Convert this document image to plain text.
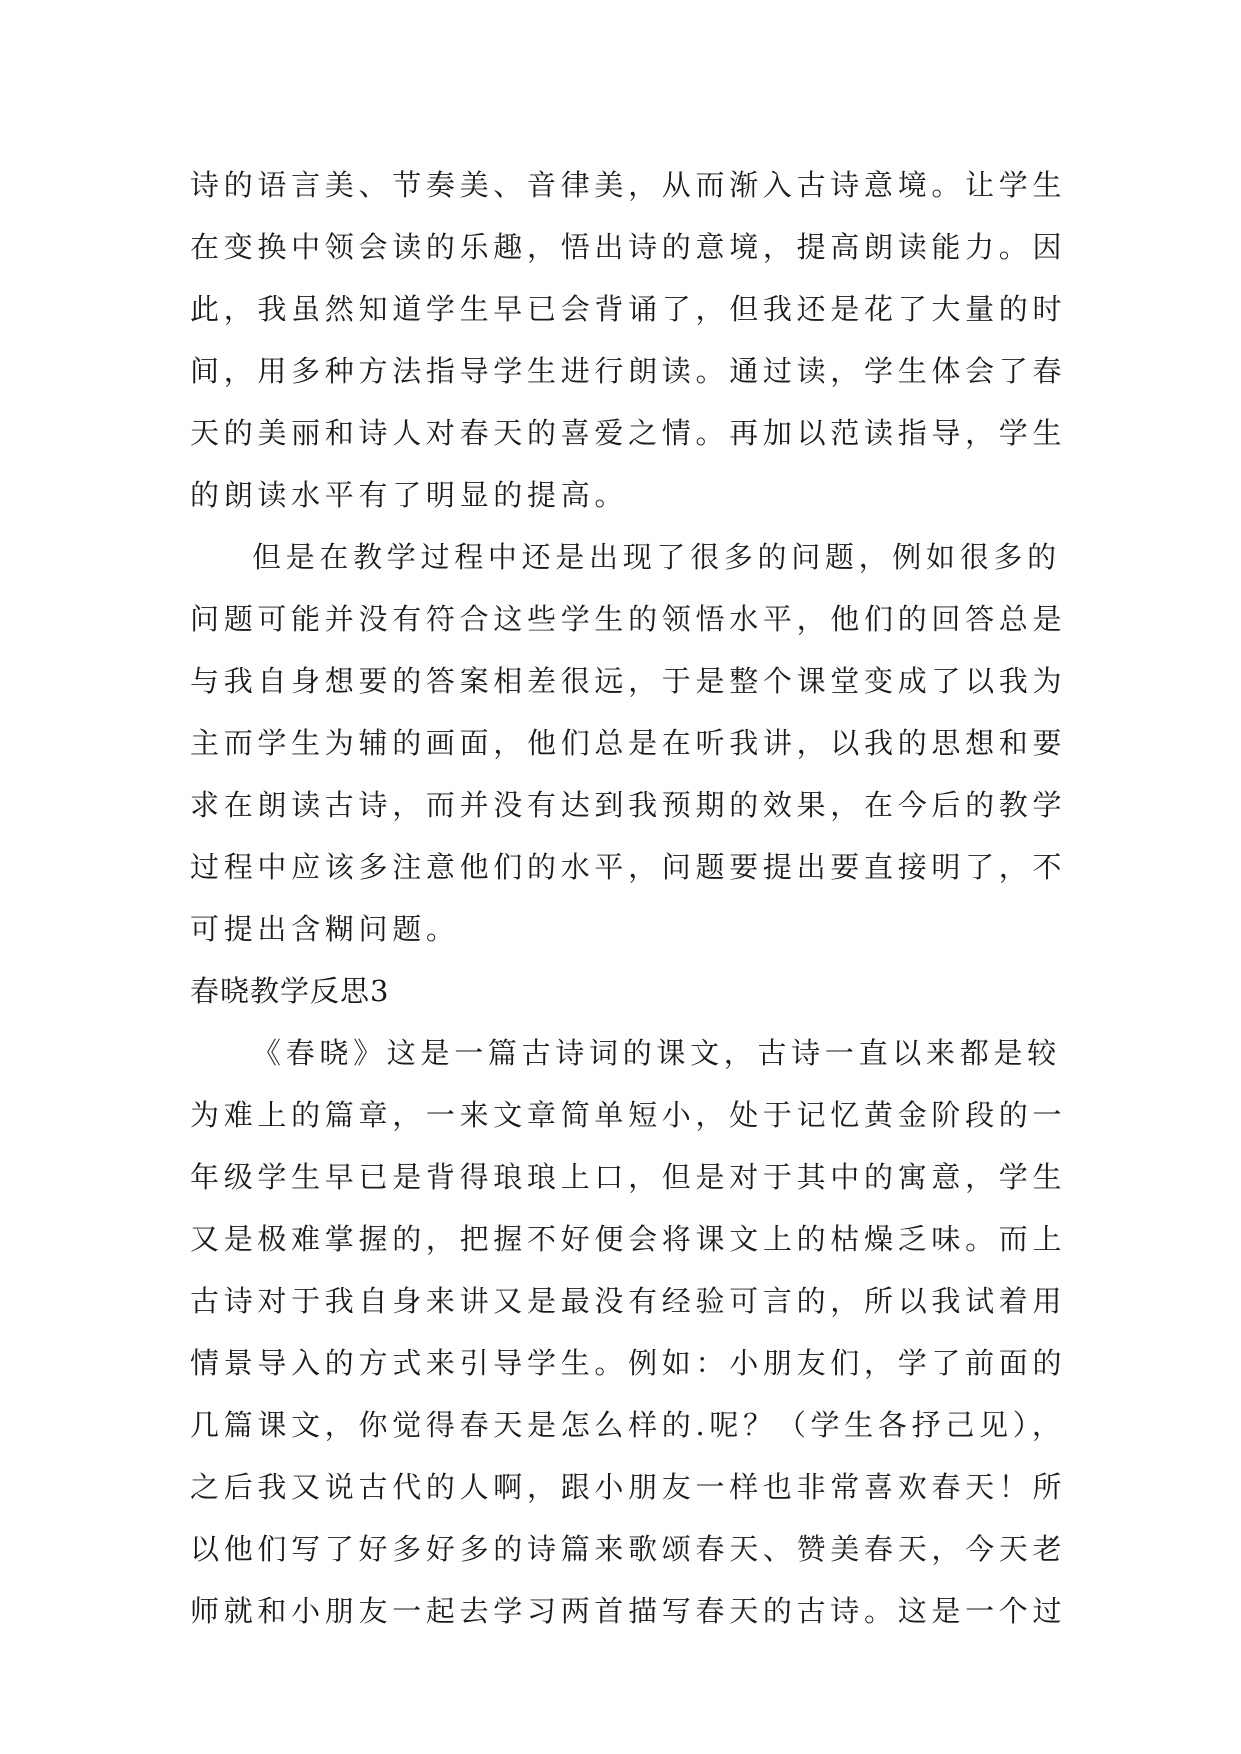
诗的语言美、节奏美、音律美，从而渐入古诗意境。让学生

在变换中领会读的乐趣，悟出诗的意境，提高朗读能力。因

此，我虽然知道学生早已会背诵了，但我还是花了大量的时

间，用多种方法指导学生进行朗读。通过读，学生体会了春

天的美丽和诗人对春天的喜爱之情。再加以范读指导，学生

的朗读水平有了明显的提高。

但是在教学过程中还是出现了很多的问题，例如很多的

问题可能并没有符合这些学生的领悟水平，他们的回答总是

与我自身想要的答案相差很远，于是整个课堂变成了以我为

主而学生为辅的画面，他们总是在听我讲，以我的思想和要

求在朗读古诗，而并没有达到我预期的效果，在今后的教学

过程中应该多注意他们的水平，问题要提出要直接明了，不

可提出含糊问题。

春晓教学反思3

《春晓》这是一篇古诗词的课文，古诗一直以来都是较

为难上的篇章，一来文章简单短小，处于记忆黄金阶段的一

年级学生早已是背得琅琅上口，但是对于其中的寓意，学生

又是极难掌握的，把握不好便会将课文上的枯燥乏味。而上

古诗对于我自身来讲又是最没有经验可言的，所以我试着用

情景导入的方式来引导学生。例如：小朋友们，学了前面的

几篇课文，你觉得春天是怎么样的.呢？（学生各抒己见），

之后我又说古代的人啊，跟小朋友一样也非常喜欢春天！所

以他们写了好多好多的诗篇来歌颂春天、赞美春天，今天老

师就和小朋友一起去学习两首描写春天的古诗。这是一个过
